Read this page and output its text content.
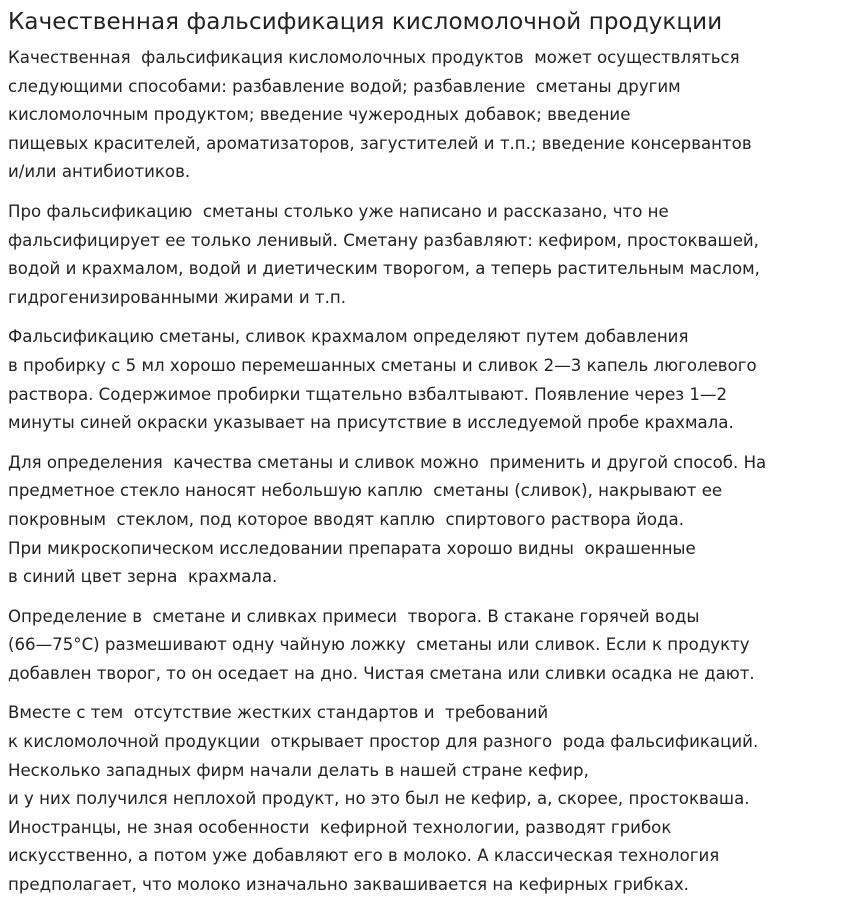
Качественная фальсификация кисломолочной продукции
Качественная  фальсификация кисломолочных продуктов  может осуществляться
следующими способами: разбавление водой; разбавление  сметаны другим
кисломолочным продуктом; введение чужеродных добавок; введение
пищевых красителей, ароматизаторов, загустителей и т.п.; введение консервантов
и/или антибиотиков.
Про фальсификацию  сметаны столько уже написано и рассказано, что не
фальсифицирует ее только ленивый. Сметану разбавляют: кефиром, простоквашей,
водой и крахмалом, водой и диетическим творогом, а теперь растительным маслом,
гидрогенизированными жирами и т.п.
Фальсификацию сметаны, сливок крахмалом определяют путем добавления
в пробирку с 5 мл хорошо перемешанных сметаны и сливок 2—3 капель люголевого
раствора. Содержимое пробирки тщательно взбалтывают. Появление через 1—2
минуты синей окраски указывает на присутствие в исследуемой пробе крахмала.
Для определения  качества сметаны и сливок можно  применить и другой способ. На
предметное стекло наносят небольшую каплю  сметаны (сливок), накрывают ее
покровным  стеклом, под которое вводят каплю  спиртового раствора йода.
При микроскопическом исследовании препарата хорошо видны  окрашенные
в синий цвет зерна  крахмала.
Определение в  сметане и сливках примеси  творога. В стакане горячей воды
(66—75°С) размешивают одну чайную ложку  сметаны или сливок. Если к продукту
добавлен творог, то он оседает на дно. Чистая сметана или сливки осадка не дают.
Вместе с тем  отсутствие жестких стандартов и  требований
к кисломолочной продукции  открывает простор для разного  рода фальсификаций.
Несколько западных фирм начали делать в нашей стране кефир,
и у них получился неплохой продукт, но это был не кефир, а, скорее, простокваша.
Иностранцы, не зная особенности  кефирной технологии, разводят грибок
искусственно, а потом уже добавляют его в молоко. А классическая технология
предполагает, что молоко изначально заквашивается на кефирных грибках.
